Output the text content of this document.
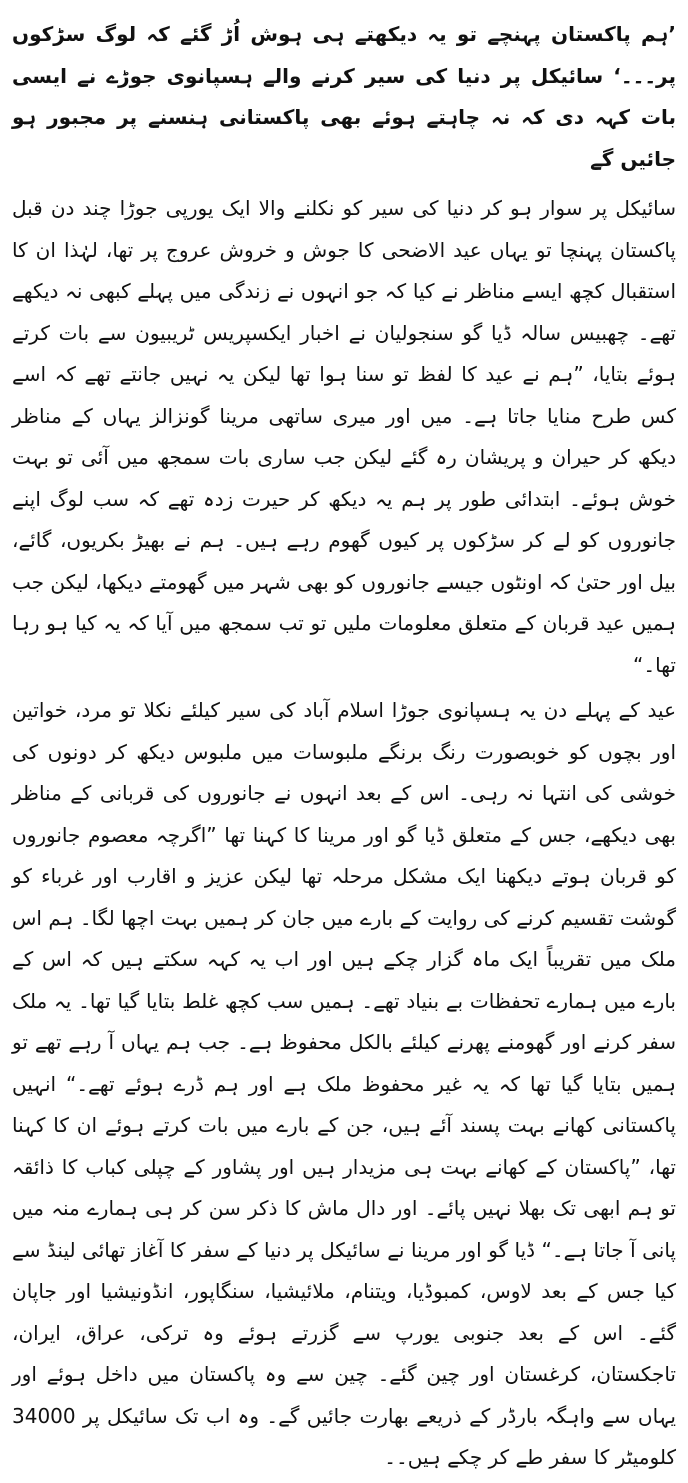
’ہم پاکستان پہنچے تو یہ دیکھتے ہی ہوش اُڑ گئے کہ لوگ سڑکوں پر۔۔۔‘ سائیکل پر دنیا کی سیر کرنے والے ہسپانوی جوڑے نے ایسی بات کہہ دی کہ نہ چاہتے ہوئے بھی پاکستانی ہنسنے پر مجبور ہو جائیں گے

سائیکل پر سوار ہو کر دنیا کی سیر کو نکلنے والا ایک یورپی جوڑا چند دن قبل پاکستان پہنچا تو یہاں عید الاضحی کا جوش و خروش عروج پر تھا، لہٰذا ان کا استقبال کچھ ایسے مناظر نے کیا کہ جو انہوں نے زندگی میں پہلے کبھی نہ دیکھے تھے۔ چھبیس سالہ ڈیا گو سنجولیان نے اخبار ایکسپریس ٹریبیون سے بات کرتے ہوئے بتایا، ”ہم نے عید کا لفظ تو سنا ہوا تھا لیکن یہ نہیں جانتے تھے کہ اسے کس طرح منایا جاتا ہے۔ میں اور میری ساتھی مرینا گونزالز یہاں کے مناظر دیکھ کر حیران و پریشان رہ گئے لیکن جب ساری بات سمجھ میں آئی تو بہت خوش ہوئے۔ ابتدائی طور پر ہم یہ دیکھ کر حیرت زدہ تھے کہ سب لوگ اپنے جانوروں کو لے کر سڑکوں پر کیوں گھوم رہے ہیں۔ ہم نے بھیڑ بکریوں، گائے، بیل اور حتیٰ کہ اونٹوں جیسے جانوروں کو بھی شہر میں گھومتے دیکھا، لیکن جب ہمیں عید قربان کے متعلق معلومات ملیں تو تب سمجھ میں آیا کہ یہ کیا ہو رہا تھا۔“

عید کے پہلے دن یہ ہسپانوی جوڑا اسلام آباد کی سیر کیلئے نکلا تو مرد، خواتین اور بچوں کو خوبصورت رنگ برنگے ملبوسات میں ملبوس دیکھ کر دونوں کی خوشی کی انتہا نہ رہی۔ اس کے بعد انہوں نے جانوروں کی قربانی کے مناظر بھی دیکھے، جس کے متعلق ڈیا گو اور مرینا کا کہنا تھا ”اگرچہ معصوم جانوروں کو قربان ہوتے دیکھنا ایک مشکل مرحلہ تھا لیکن عزیز و اقارب اور غرباء کو گوشت تقسیم کرنے کی روایت کے بارے میں جان کر ہمیں بہت اچھا لگا۔ ہم اس ملک میں تقریباً ایک ماہ گزار چکے ہیں اور اب یہ کہہ سکتے ہیں کہ اس کے بارے میں ہمارے تحفظات بے بنیاد تھے۔ ہمیں سب کچھ غلط بتایا گیا تھا۔ یہ ملک سفر کرنے اور گھومنے پھرنے کیلئے بالکل محفوظ ہے۔ جب ہم یہاں آ رہے تھے تو ہمیں بتایا گیا تھا کہ یہ غیر محفوظ ملک ہے اور ہم ڈرے ہوئے تھے۔“ انہیں پاکستانی کھانے بہت پسند آئے ہیں، جن کے بارے میں بات کرتے ہوئے ان کا کہنا تھا، ”پاکستان کے کھانے بہت ہی مزیدار ہیں اور پشاور کے چپلی کباب کا ذائقہ تو ہم ابھی تک بھلا نہیں پائے۔ اور دال ماش کا ذکر سن کر ہی ہمارے منہ میں پانی آ جاتا ہے۔“ ڈیا گو اور مرینا نے سائیکل پر دنیا کے سفر کا آغاز تھائی لینڈ سے کیا جس کے بعد لاوس، کمبوڈیا، ویتنام، ملائیشیا، سنگاپور، انڈونیشیا اور جاپان گئے۔ اس کے بعد جنوبی یورپ سے گزرتے ہوئے وہ ترکی، عراق، ایران، تاجکستان، کرغستان اور چین گئے۔ چین سے وہ پاکستان میں داخل ہوئے اور یہاں سے واہگہ بارڈر کے ذریعے بھارت جائیں گے۔ وہ اب تک سائیکل پر 34000 کلومیٹر کا سفر طے کر چکے ہیں۔۔
